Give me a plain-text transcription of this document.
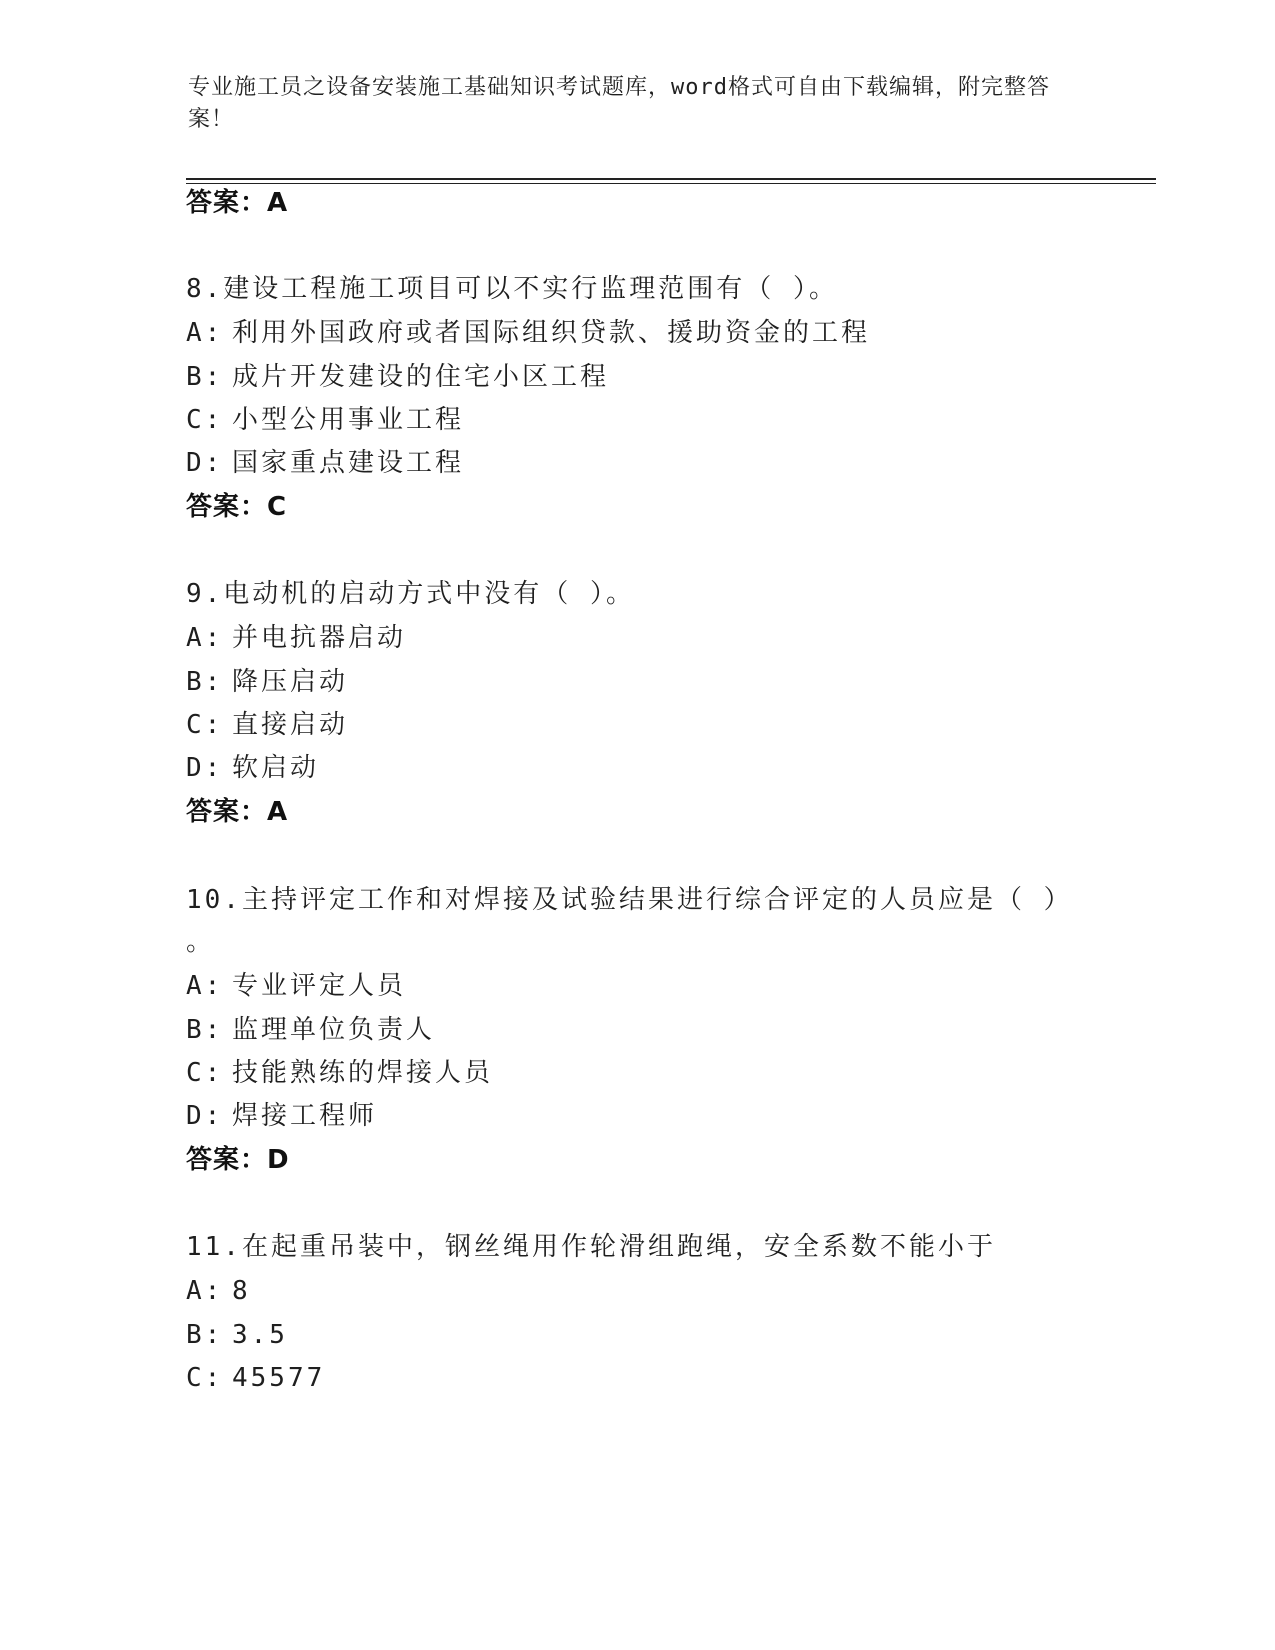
专业施工员之设备安装施工基础知识考试题库，word格式可自由下载编辑，附完整答案！
答案：A
8.建设工程施工项目可以不实行监理范围有（ ）。
A: 利用外国政府或者国际组织贷款、援助资金的工程
B: 成片开发建设的住宅小区工程
C: 小型公用事业工程
D: 国家重点建设工程
答案：C
9.电动机的启动方式中没有（ ）。
A: 并电抗器启动
B: 降压启动
C: 直接启动
D: 软启动
答案：A
10.主持评定工作和对焊接及试验结果进行综合评定的人员应是（ ）
。
A: 专业评定人员
B: 监理单位负责人
C: 技能熟练的焊接人员
D: 焊接工程师
答案：D
11.在起重吊装中，钢丝绳用作轮滑组跑绳，安全系数不能小于
A: 8
B: 3.5
C: 45577
